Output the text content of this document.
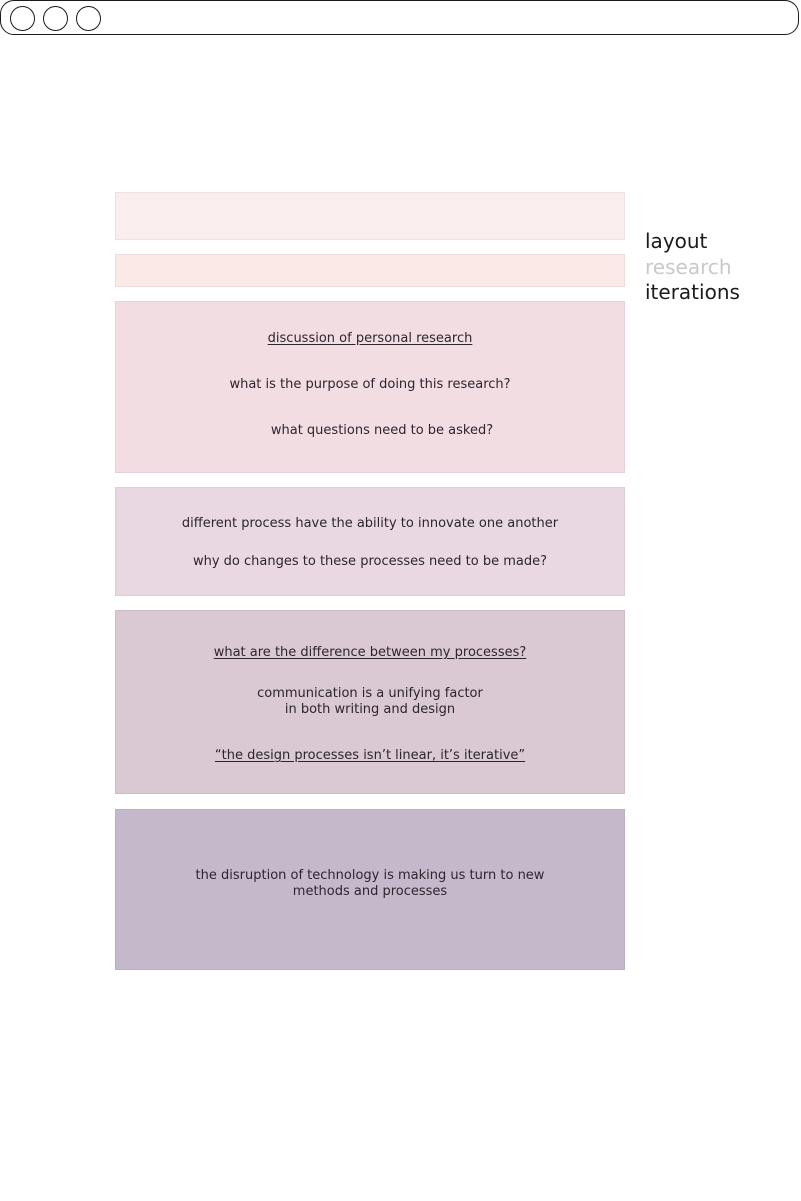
layout
research
iterations
discussion of personal research
what is the purpose of doing this research?
what questions need to be asked?
different process have the ability to innovate one another
why do changes to these processes need to be made?
what are the difference between my processes?
communication is a unifying factor
in both writing and design
“the design processes isn’t linear, it’s iterative”
the disruption of technology is making us turn to new
methods and processes
